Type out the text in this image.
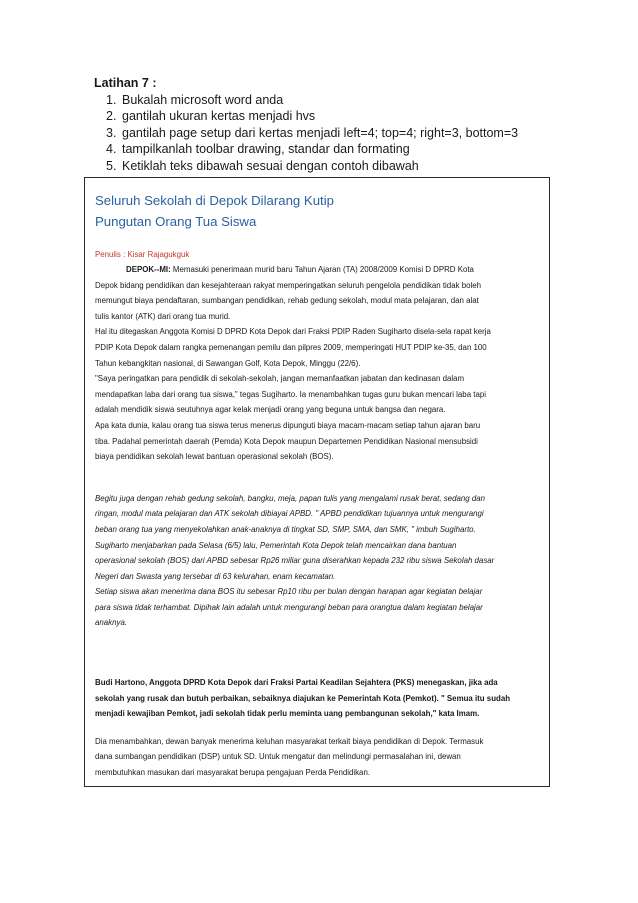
Latihan 7 :

1. Bukalah microsoft word anda
2. gantilah ukuran kertas menjadi hvs
3. gantilah page setup dari kertas menjadi left=4; top=4; right=3, bottom=3
4. tampilkanlah toolbar drawing, standar dan formating
5. Ketiklah teks dibawah sesuai dengan contoh dibawah

Seluruh Sekolah di Depok Dilarang Kutip

Pungutan Orang Tua Siswa

Penulis : Kisar Rajagukguk

DEPOK--MI: Memasuki penerimaan murid baru Tahun Ajaran (TA) 2008/2009 Komisi D DPRD Kota

Depok bidang pendidikan dan kesejahteraan rakyat memperingatkan seluruh pengelola pendidikan tidak boleh

memungut biaya pendaftaran, sumbangan pendidikan, rehab gedung sekolah, modul mata pelajaran, dan alat

tulis kantor (ATK) dari orang tua murid.

Hal itu ditegaskan Anggota Komisi D DPRD Kota Depok dari Fraksi PDIP Raden Sugiharto disela-sela rapat kerja

PDIP Kota Depok dalam rangka pemenangan pemilu dan pilpres 2009, memperingati HUT PDIP ke-35, dan 100

Tahun kebangkitan nasional, di Sawangan Golf, Kota Depok, Minggu (22/6).

"Saya peringatkan para pendidik di sekolah-sekolah, jangan memanfaatkan jabatan dan kedinasan dalam

mendapatkan laba dari orang tua siswa," tegas Sugiharto. Ia menambahkan tugas guru bukan mencari laba tapi

adalah mendidik siswa seutuhnya agar kelak menjadi orang yang beguna untuk bangsa dan negara.

Apa kata dunia, kalau orang tua siswa terus menerus dipunguti biaya macam-macam setiap tahun ajaran baru

tiba. Padahal pemerintah daerah (Pemda) Kota Depok maupun Departemen Pendidikan Nasional mensubsidi

biaya pendidikan sekolah lewat bantuan operasional sekolah (BOS).

Begitu juga dengan rehab gedung sekolah, bangku, meja, papan tulis yang mengalami rusak berat, sedang dan

ringan, modul mata pelajaran dan ATK sekolah dibiayai APBD. " APBD pendidikan tujuannya untuk mengurangi

beban orang tua yang menyekolahkan anak-anaknya di tingkat SD, SMP, SMA, dan SMK, " imbuh Sugiharto.

Sugiharto menjabarkan pada Selasa (6/5) lalu, Pemerintah Kota Depok telah mencairkan dana bantuan

operasional sekolah (BOS) dari APBD sebesar Rp26 miliar guna diserahkan kepada 232 ribu siswa Sekolah dasar

Negeri dan Swasta yang tersebar di 63 kelurahan, enam kecamatan.

Setiap siswa akan menerima dana BOS itu sebesar Rp10 ribu per bulan dengan harapan agar kegiatan belajar

para siswa tidak terhambat. Dipihak lain adalah untuk mengurangi beban para orangtua dalam kegiatan belajar

anaknya.

Budi Hartono, Anggota DPRD Kota Depok dari Fraksi Partai Keadilan Sejahtera (PKS) menegaskan, jika ada

sekolah yang rusak dan butuh perbaikan, sebaiknya diajukan ke Pemerintah Kota (Pemkot). " Semua itu sudah

menjadi kewajiban Pemkot, jadi sekolah tidak perlu meminta uang pembangunan sekolah," kata Imam.

Dia menambahkan, dewan banyak menerima keluhan masyarakat terkait biaya pendidikan di Depok. Termasuk

dana sumbangan pendidikan (DSP) untuk SD. Untuk mengatur dan melindungi permasalahan ini, dewan

membutuhkan masukan dari masyarakat berupa pengajuan Perda Pendidikan.
